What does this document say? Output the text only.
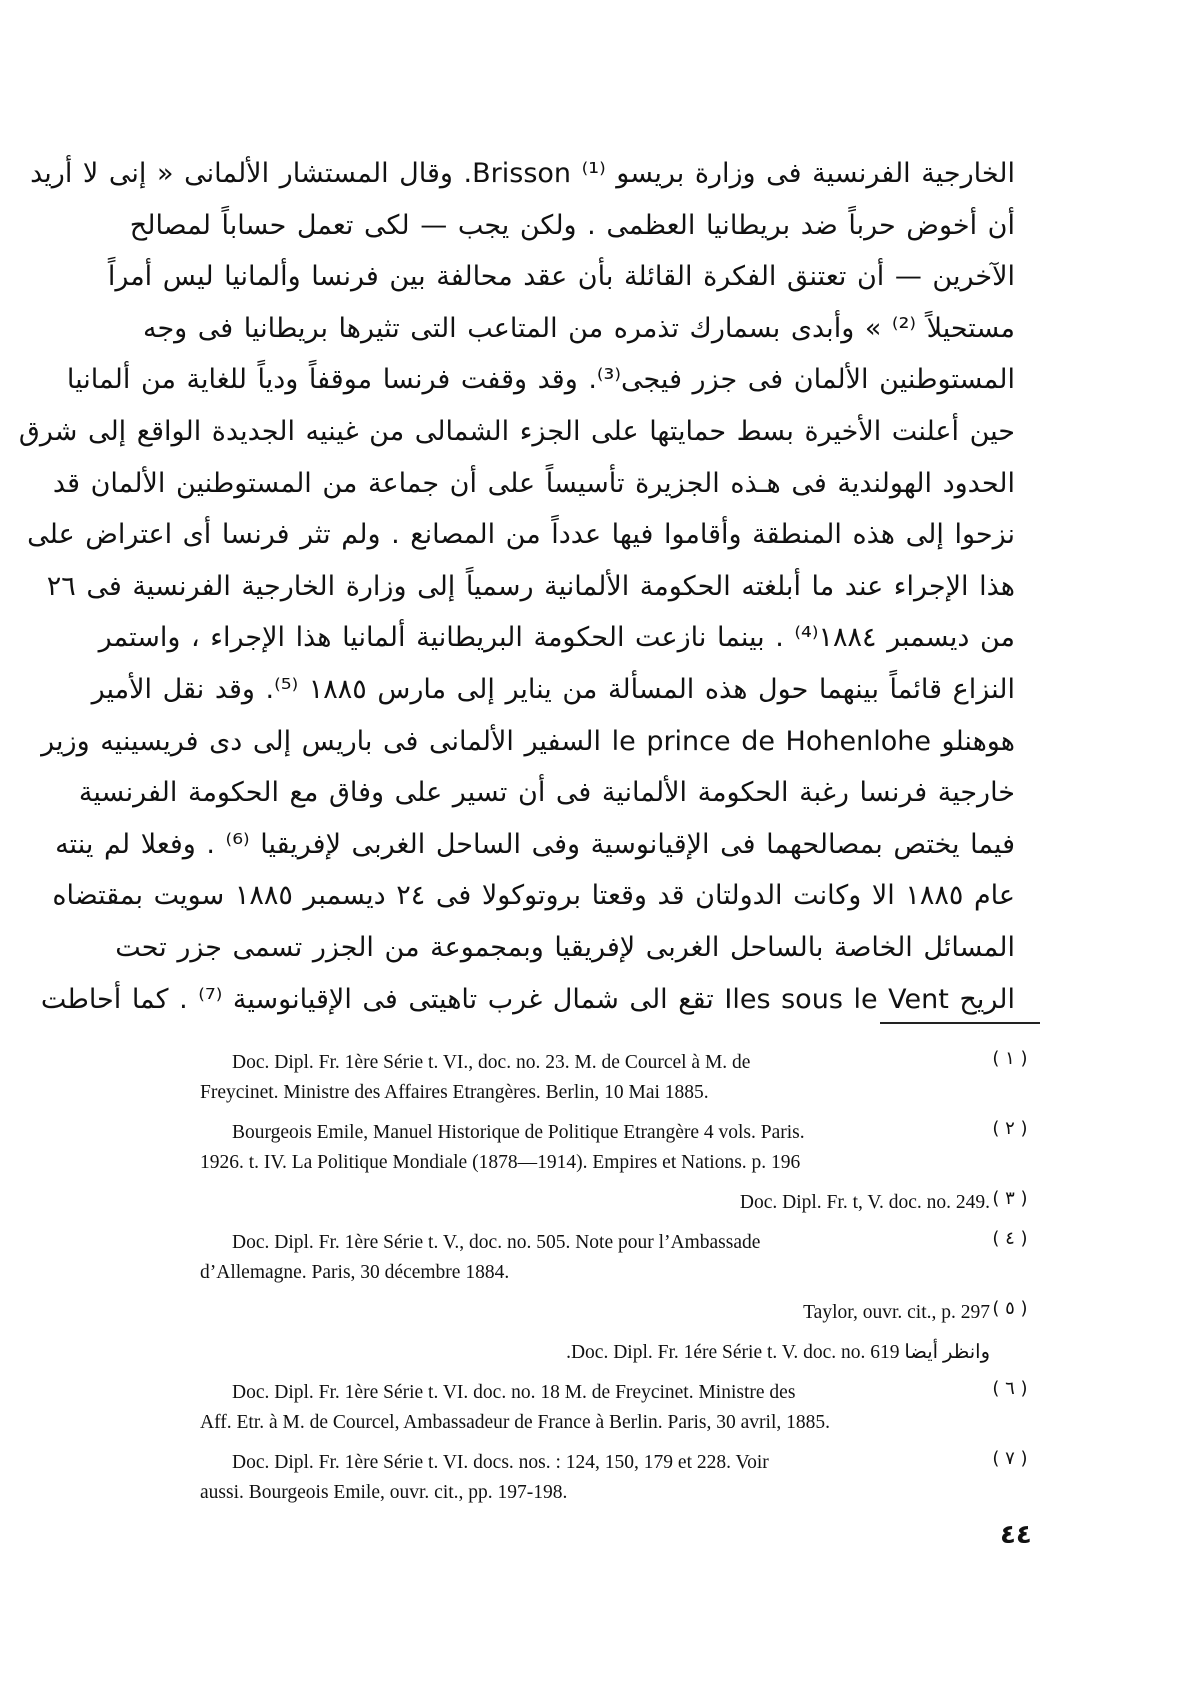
الخارجية الفرنسية فى وزارة بريسو Brisson ⁽¹⁾. وقال المستشار الألمانى « إنى لا أريد
أن أخوض حرباً ضد بريطانيا العظمى . ولكن يجب — لكى تعمل حساباً لمصالح
الآخرين — أن تعتنق الفكرة القائلة بأن عقد محالفة بين فرنسا وألمانيا ليس أمراً
مستحيلاً ⁽²⁾ » وأبدى بسمارك تذمره من المتاعب التى تثيرها بريطانيا فى وجه
المستوطنين الألمان فى جزر فيجى⁽³⁾. وقد وقفت فرنسا موقفاً ودياً للغاية من ألمانيا
حين أعلنت الأخيرة بسط حمايتها على الجزء الشمالى من غينيه الجديدة الواقع إلى شرق
الحدود الهولندية فى هـذه الجزيرة تأسيساً على أن جماعة من المستوطنين الألمان قد
نزحوا إلى هذه المنطقة وأقاموا فيها عدداً من المصانع . ولم تثر فرنسا أى اعتراض على
هذا الإجراء عند ما أبلغته الحكومة الألمانية رسمياً إلى وزارة الخارجية الفرنسية فى ٢٦
من ديسمبر ١٨٨٤⁽⁴⁾ . بينما نازعت الحكومة البريطانية ألمانيا هذا الإجراء ، واستمر
النزاع قائماً بينهما حول هذه المسألة من يناير إلى مارس ١٨٨٥ ⁽⁵⁾. وقد نقل الأمير
هوهنلو le prince de Hohenlohe السفير الألمانى فى باريس إلى دى فريسينيه وزير
خارجية فرنسا رغبة الحكومة الألمانية فى أن تسير على وفاق مع الحكومة الفرنسية
فيما يختص بمصالحهما فى الإقيانوسية وفى الساحل الغربى لإفريقيا ⁽⁶⁾ . وفعلا لم ينته
عام ١٨٨٥ الا وكانت الدولتان قد وقعتا بروتوكولا فى ٢٤ ديسمبر ١٨٨٥ سويت بمقتضاه
المسائل الخاصة بالساحل الغربى لإفريقيا وبمجموعة من الجزر تسمى جزر تحت
الريح Iles sous le Vent تقع الى شمال غرب تاهيتى فى الإقيانوسية ⁽⁷⁾ . كما أحاطت
( ١ )
Doc. Dipl. Fr. 1ère Série t. VI., doc. no. 23. M. de Courcel à M. de
Freycinet. Ministre des Affaires Etrangères. Berlin, 10 Mai 1885.
( ٢ )
Bourgeois Emile, Manuel Historique de Politique Etrangère 4 vols. Paris.
1926. t. IV. La Politique Mondiale (1878—1914). Empires et Nations. p. 196
( ٣ )
Doc. Dipl. Fr. t, V. doc. no. 249.
( ٤ )
Doc. Dipl. Fr. 1ère Série t. V., doc. no. 505. Note pour l’Ambassade
d’Allemagne. Paris, 30 décembre 1884.
( ٥ )
Taylor, ouvr. cit., p. 297
وانظر أيضا Doc. Dipl. Fr. 1ére Série t. V. doc. no. 619.
( ٦ )
Doc. Dipl. Fr. 1ère Série t. VI. doc. no. 18 M. de Freycinet. Ministre des
Aff. Etr. à M. de Courcel, Ambassadeur de France à Berlin. Paris, 30 avril, 1885.
( ٧ )
Doc. Dipl. Fr. 1ère Série t. VI. docs. nos. : 124, 150, 179 et 228. Voir
aussi. Bourgeois Emile, ouvr. cit., pp. 197-198.
٤٤
